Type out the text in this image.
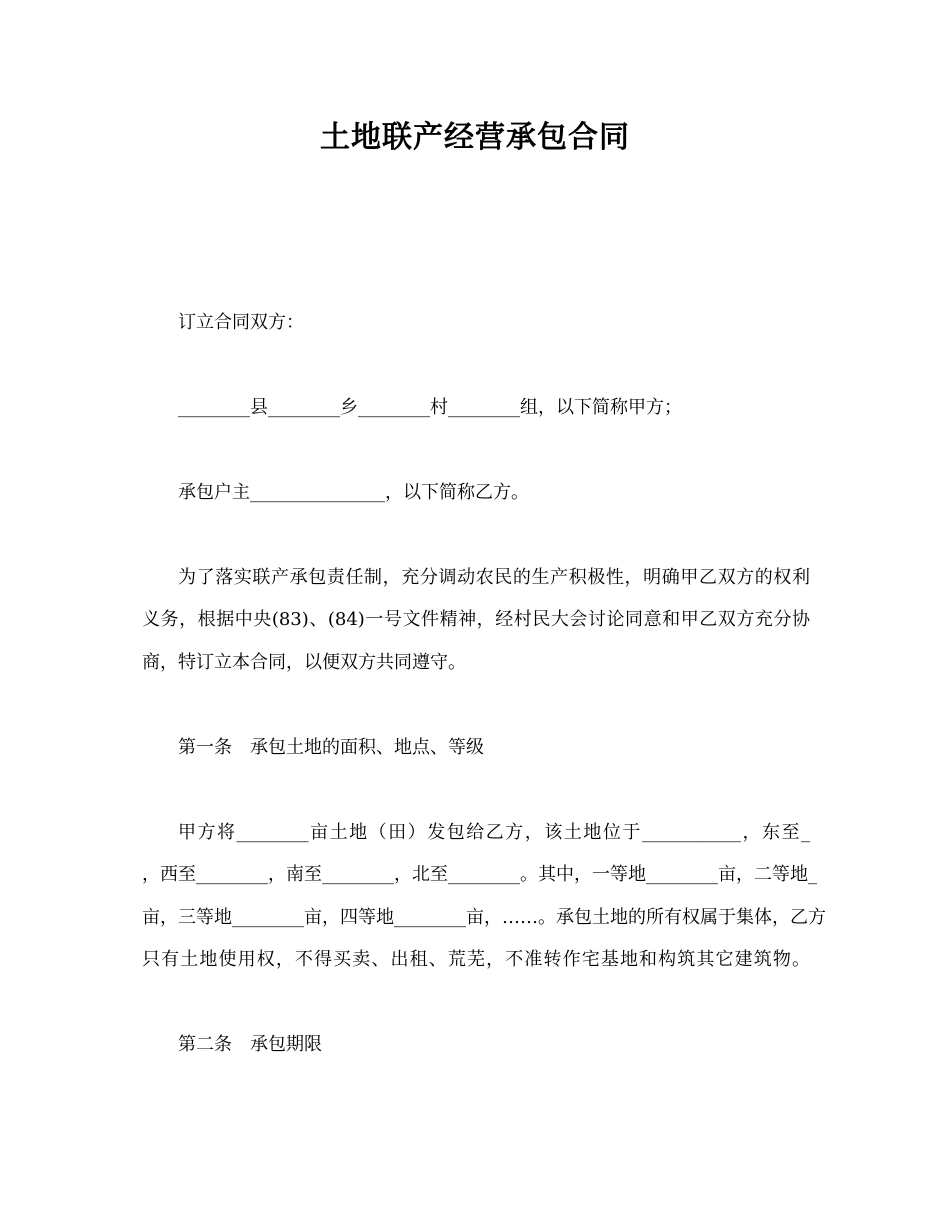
土地联产经营承包合同
订立合同双方：
________县________乡________村________组，以下简称甲方；
承包户主_______________，以下简称乙方。
为了落实联产承包责任制，充分调动农民的生产积极性，明确甲乙双方的权利
义务，根据中央(83)、(84)一号文件精神，经村民大会讨论同意和甲乙双方充分协
商，特订立本合同，以便双方共同遵守。
第一条　承包土地的面积、地点、等级
甲方将________亩土地（田）发包给乙方，该土地位于___________，东至_
，西至________，南至________，北至________。其中，一等地________亩，二等地_
亩，三等地________亩，四等地________亩，……。承包土地的所有权属于集体，乙方
只有土地使用权，不得买卖、出租、荒芜，不准转作宅基地和构筑其它建筑物。
第二条　承包期限
